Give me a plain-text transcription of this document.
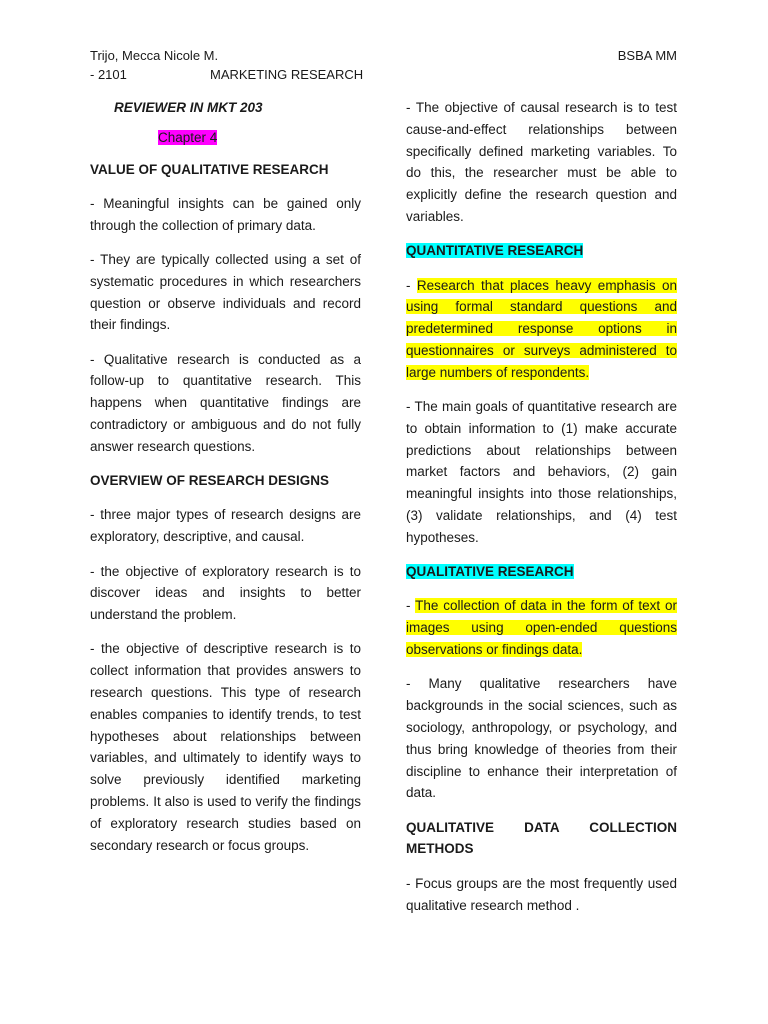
Trijo, Mecca Nicole M.
- 2101	MARKETING RESEARCH
BSBA MM

REVIEWER IN MKT 203

Chapter 4

VALUE OF QUALITATIVE RESEARCH

- Meaningful insights can be gained only through the collection of primary data.

- They are typically collected using a set of systematic procedures in which researchers question or observe individuals and record their findings.

- Qualitative research is conducted as a follow-up to quantitative research. This happens when quantitative findings are contradictory or ambiguous and do not fully answer research questions.

OVERVIEW OF RESEARCH DESIGNS

- three major types of research designs are exploratory, descriptive, and causal.

- the objective of exploratory research is to discover ideas and insights to better understand the problem.

- the objective of descriptive research is to collect information that provides answers to research questions. This type of research enables companies to identify trends, to test hypotheses about relationships between variables, and ultimately to identify ways to solve previously identified marketing problems. It also is used to verify the findings of exploratory research studies based on secondary research or focus groups.

- The objective of causal research is to test cause-and-effect relationships between specifically defined marketing variables. To do this, the researcher must be able to explicitly define the research question and variables.

QUANTITATIVE RESEARCH

- Research that places heavy emphasis on using formal standard questions and predetermined response options in questionnaires or surveys administered to large numbers of respondents.

- The main goals of quantitative research are to obtain information to (1) make accurate predictions about relationships between market factors and behaviors, (2) gain meaningful insights into those relationships, (3) validate relationships, and (4) test hypotheses.

QUALITATIVE RESEARCH

- The collection of data in the form of text or images using open-ended questions observations or findings data.

- Many qualitative researchers have backgrounds in the social sciences, such as sociology, anthropology, or psychology, and thus bring knowledge of theories from their discipline to enhance their interpretation of data.

QUALITATIVE DATA COLLECTION METHODS

- Focus groups are the most frequently used qualitative research method .
